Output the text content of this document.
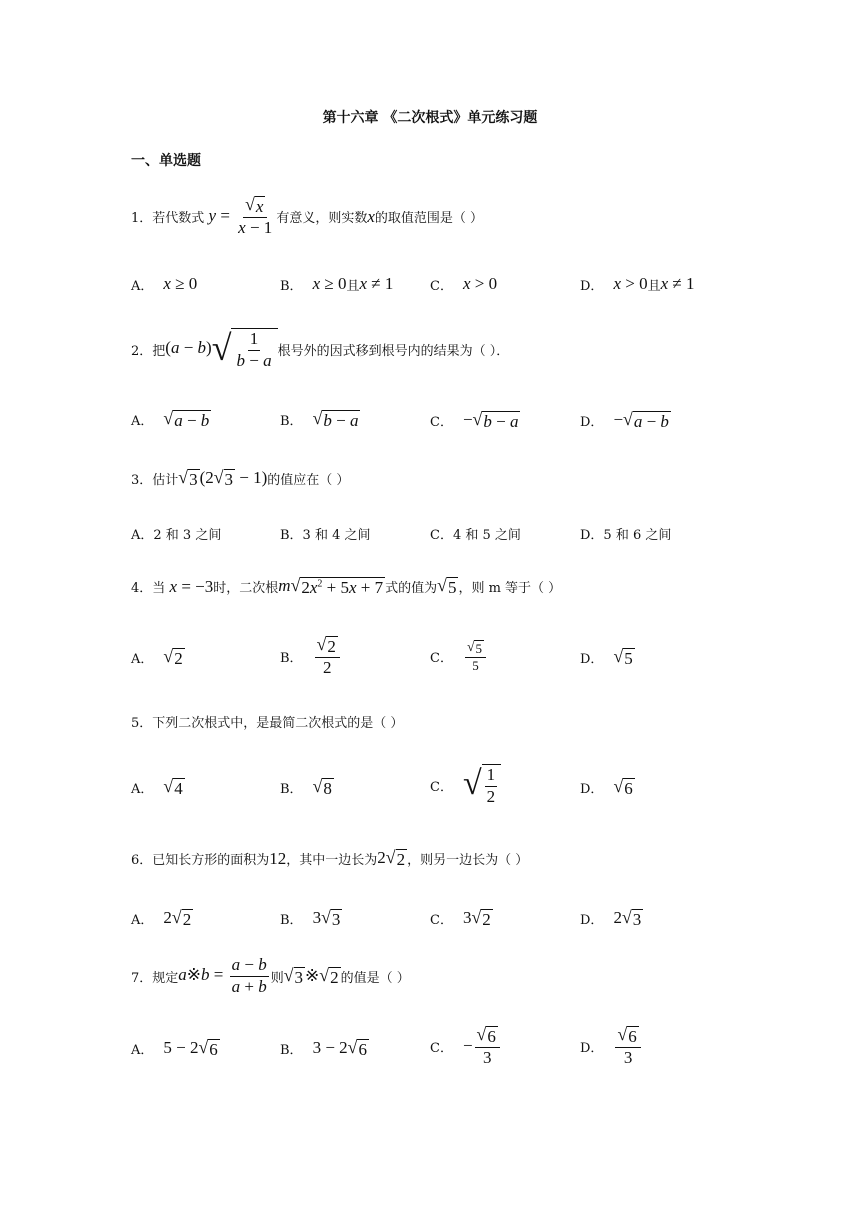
第十六章 《二次根式》单元练习题
一、单选题
1．若代数式 $y = \frac{√ x}{x - 1}$ 有意义，则实数 x 的取值范围是（ ）
A． x ≥ 0	B． x ≥ 0 且 x ≠ 1	C． x > 0	D． x > 0 且 x ≠ 1
2．把 (a − b) √ $\frac{1}{b - a}$ 根号外的因式移到根号内的结果为（ ）．
A． √ a − b	B． √ b − a	C． − √ b − a	D． − √ a − b
3．估计 √ 3 (2 √ 3 − 1) 的值应在（ ）
A．2 和 3 之间	B．3 和 4 之间	C．4 和 5 之间	D．5 和 6 之间
4．当 x = −3 时，二次根 m √ $2x^2 + 5x + 7$ 式的值为 √ 5 ，则 m 等于（ ）
A． √ 2	B． $\frac{√ 2}{2}$	C． $\frac{√ 5}{5}$	D． √ 5
5．下列二次根式中，是最简二次根式的是（ ）
A． √ 4	B． √ 8	C． √ $\frac{1}{2}$	D． √ 6
6．已知长方形的面积为 12 ，其中一边长为 2 √ 2 ，则另一边长为（ ）
A． 2 √ 2	B． 3 √ 3	C． 3 √ 2	D． 2 √ 3
7．规定 a※b = $\frac{a - b}{a + b}$ 则 √ 3 ※ √ 2 的值是（ ）
A． 5 − 2 √ 6	B． 3 − 2 √ 6	C． − $\frac{√ 6}{3}$	D． $\frac{√ 6}{3}$
